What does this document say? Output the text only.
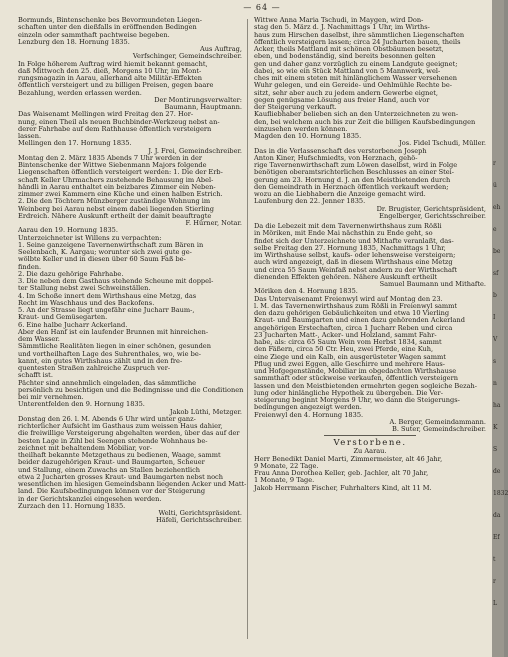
— 64 —
Bormunds, Bintenschenke bes Bevormundeten Liegen-
schaften unter den dießfalls in eröffnenden Bedingen
einzeln oder sammthaft pachtweise begeben.
Lenzburg den 18. Hornung 1835.
Aus Auftrag,
Verfschinger, Gemeindschreiber.
In Folge höherem Auftrag wird hiemit bekannt gemacht,
daß Mittwoch den 25. dieß, Morgens 10 Uhr, im Mont-
rungsmagazin in Aarau, allerhand alte Militär-Effekten
öffentlich versteigert und zu billigen Preisen, gegen baare
Bezahlung, werden erlassen werden.
Der Montirungsverwalter:
Baumann, Hauptmann.
Das Waisenamt Mellingen wird Freitag den 27. Hor-
nung, einen Theil als neuen Buchbinder-Werkzeug nebst an-
derer Fahrhabe auf dem Rathhause öffentlich versteigern
lassen.
Mellingen den 17. Hornung 1835.
J. J. Frei, Gemeindschreiber.
Montag den 2. März 1835 Abends 7 Uhr werden in der
Bintenschenke der Wittwe Siebenmann Majors folgende
Liegenschaften öffentlich versteigert werden: 1. Die der Erb-
schaft Keller Uhrmachers zustehende Behausung im Abel-
händli in Aarau enthaltet ein beizbares Zimmer ein Neben-
zimmer zwei Kammern eine Küche und einen halben Estrich.
2. Die den Töchtern Münzberger zuständige Wohnung im
Weinberg bei Aarau nebst einem dabei liegenden Stierling
Erdreich. Nähere Auskunft ertheilt der damit beauftragte
F. Hürner, Notar.
Aarau den 19. Hornung 1835.
Unterzeichneter ist Willens zu verpachten:
1. Seine ganzeigene Tavernenwirthschaft zum Bären in
Seelenbach, K. Aargau; worunter sich zwei gute ge-
wölbte Keller und in diesen über 60 Saum Faß be-
finden.
2. Die dazu gehörige Fahrhabe.
3. Die neben dem Gasthaus stehende Scheune mit doppel-
ter Stallung nebst zwei Schweinställen.
4. Im Schoße innert dem Wirthshaus eine Metzg, das
Recht im Waschhaus und des Backofens.
5. An der Strasse liegt ungefähr eine Jucharr Baum-,
Kraut- und Gemüsegarten.
6. Eine halbe Jucharr Ackerland.
Aber den Hanf ist ein laufender Brunnen mit hinreichen-
dem Wasser.
Sämmtliche Realitäten liegen in einer schönen, gesunden
und vortheilhaften Lage des Suhrenthales, wo, wie be-
kannt, ein gutes Wirthshaus zählt und in den fre-
quentesten Straßen zahlreiche Zuspruch ver-
schafft ist.
Pächter sind annehmlich eingeladen, das sämmtliche
persönlich zu besichtigen und die Bedingnisse und die Conditionen
bei mir vernehmen.
Unterentfelden den 9. Hornung 1835.
Jakob Lüthi, Metzger.
Donstag den 26. l. M. Abends 6 Uhr wird unter ganz-
richterlicher Aufsicht im Gasthaus zum weissen Haus dahier,
die freiwillige Versteigerung abgehalten werden, über das auf der
besten Lage in Zihl bei Seengen stehende Wohnhaus be-
zeichnet mit behaltendem Mobiliar, vor-
theilhaft bekannte Metzgethaus zu bedienen, Waage, sammt
beider dazugehörigen Kraut- und Baumgarten, Scheuer
und Stallung, einem Zuwachs an Stallen beziehentlich
etwa 2 Jucharten grosses Kraut- und Baumgarten nebst noch
wesentlichen im hiesigen Gemeindsbann liegenden Acker und Matt-
land. Die Kaufsbedingungen können vor der Steigerung
in der Gerichtskanzlei eingesehen werden.
Zurzach den 11. Hornung 1835.
Welti, Gerichtspräsident.
Häfeli, Gerichtsschreiber.
Wittwe Anna Maria Tschudi, in Maygen, wird Don-
stag den 5. März d. J. Nachmittags 1 Uhr, im Wirths-
haus zum Hirschen daselbst, ihre sämmtlichen Liegenschaften
öffentlich versteigern lassen; circa 24 Jucharten bauen, theils
Acker, theils Mattland mit schönen Obstbäumen besetzt,
eben, und bodenständig, sind bereits besonnen gelten
gen und daher ganz vorzüglich zu einem Landgute geeignet;
dabei, so wie ein Stück Mattland von 5 Mannwerk, wel-
ches mit einem steten mit hinlänglichem Wasser versehenen
Wuhr gelegen, und ein Gereide- und Oehlmühle Rechte be-
sitzt, sehr aber auch zu jedem andern Gewerbe eignet,
gegen genügsame Lösung aus freier Hand, auch vor
der Steigerung verkauft.
Kaufliebhaber belieben sich an den Unterzeichneten zu wen-
den, bei welchem auch bis zur Zeit die billigen Kaufsbedingungen
einzusehen werden können.
Magden den 10. Hornung 1835.
Jos. Fidel Tschudi, Müller.
Das in die Verlassenschaft des verstorbenen Joseph
Anton Kiner, Hufschmiedts, von Herznach, gehö-
rige Tavernenwirthschaft zum Löwen daselbst, wird in Folge
benötigen oberamtsrichterlichen Beschlusses an einer Stei-
gerung am 23. Hornung d. J. an den Meistbietenden durch
den Gemeindrath in Herznach öffentlich verkauft werden;
wozu an die Liebhabern die Anzeige gemacht wird.
Laufenburg den 22. Jenner 1835.
Dr. Brugister, Gerichtspräsident,
Engelberger, Gerichtsschreiber.
Da die Lebezeit mit dem Tavernenwirthshaus zum Rößli
in Möriken, mit Ende Mai nächsthin zu Ende geht, so
findet sich der Unterzeichnete und Mithafte veranlaßt, das-
selbe Freitag den 27. Hornung 1835, Nachmittags 1 Uhr,
im Wirthshause selbst, kaufs- oder lehensweise versteigern;
auch wird angezeigt, daß in diesem Wirthshaus eine Metzg
und circa 55 Saum Weinfaß nebst andern zu der Wirthschaft
dienenden Effekten gehören. Nähere Auskunft ertheilt
Samuel Baumann und Mithafte.
Möriken den 4. Hornung 1835.
Das Untervaisenamt Freienwyl wird auf Montag den 23.
l. M. das Tavernenwirthshaus zum Rößli in Freienwyl sammt
den dazu gehörigen Gebäulichkeiten und etwa 10 Vierling
Kraut- und Baumgarten und einen dazu gehörenden Ackerland
angehörigen Erstechaften, circa 1 Jucharr Reben und circa
23 Jucharten Matt-, Acker- und Holzland, sammt Fahr-
habe, als: circa 65 Saum Wein vom Herbst 1834, sammt
den Fäßern, circa 50 Ctr. Heu, zwei Pferde, eine Kuh,
eine Ziege und ein Kalb, ein ausgerüsteter Wagen sammt
Pflug und zwei Eggen, alle Geschirre und mehrere Haus-
und Hofgegenstände, Mobiliar im obgedachten Wirthshause
sammthaft oder stückweise verkaufen, öffentlich versteigern
lassen und den Meistbietenden ermehrten gegen sogleiche Bezah-
lung oder hinlängliche Hypothek zu übergeben. Die Ver-
steigerung beginnt Morgens 9 Uhr, wo dann die Steigerungs-
bedingungen angezeigt werden.
Freienwyl den 4. Hornung 1835.
A. Berger, Gemeindammann.
B. Suter, Gemeindschreiber.
Verstorbene.
Zu Aarau.
Herr Benedikt Daniel Marti, Zimmermeister, alt 46 Jahr,
9 Monate, 22 Tage.
Frau Anna Dorothea Keller, geb. Jachler, alt 70 Jahr,
1 Monate, 9 Tage.
Jakob Herrmann Fischer, Fuhrhalters Kind, alt 11 M.
r
ü
eh
e
be
sf
b
I
V
s
n
ha
K
S
de
1832
da
Ef
t
r
L
